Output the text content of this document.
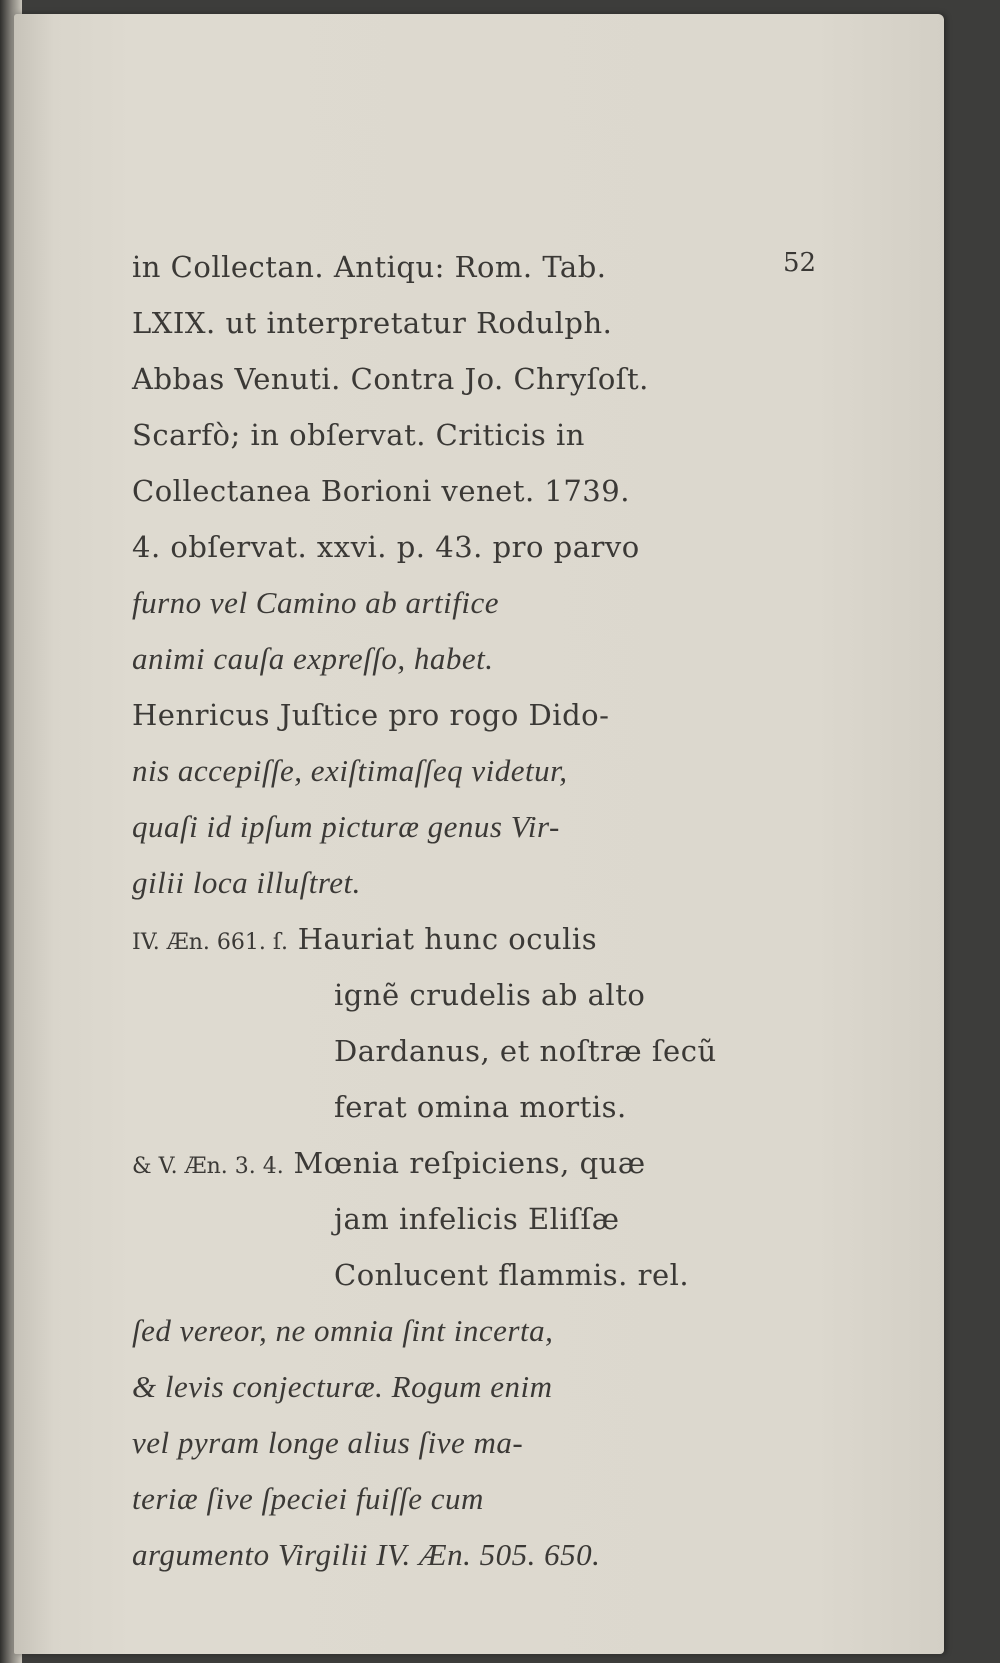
52

in Collectan. Antiqu: Rom. Tab.
LXIX. ut interpretatur Rodulph.
Abbas Venuti. Contra Jo. Chryſoſt.
Scarfò; in obſervat. Criticis in
Collectanea Borioni venet. 1739.
4. obſervat. xxvi. p. 43. pro parvo
furno vel Camino ab artifice
animi cauſa expreſſo, habet.
Henricus Juſtice pro rogo Dido-
nis accepiſſe, exiſtimaſſeq videtur,
quaſi id ipſum picturæ genus Vir-
gilii loca illuſtret.
IV. Æn. 661. ſ. Hauriat hunc oculis
ignẽ crudelis ab alto
Dardanus, et noſtræ ſecũ
ferat omina mortis.
& V. Æn. 3. 4. Mœnia reſpiciens, quæ
jam infelicis Eliſſæ
Conlucent flammis. rel.
ſed vereor, ne omnia ſint incerta,
& levis conjecturæ. Rogum enim
vel pyram longe alius ſive ma-
teriæ ſive ſpeciei fuiſſe cum
argumento Virgilii IV. Æn. 505. 650.
